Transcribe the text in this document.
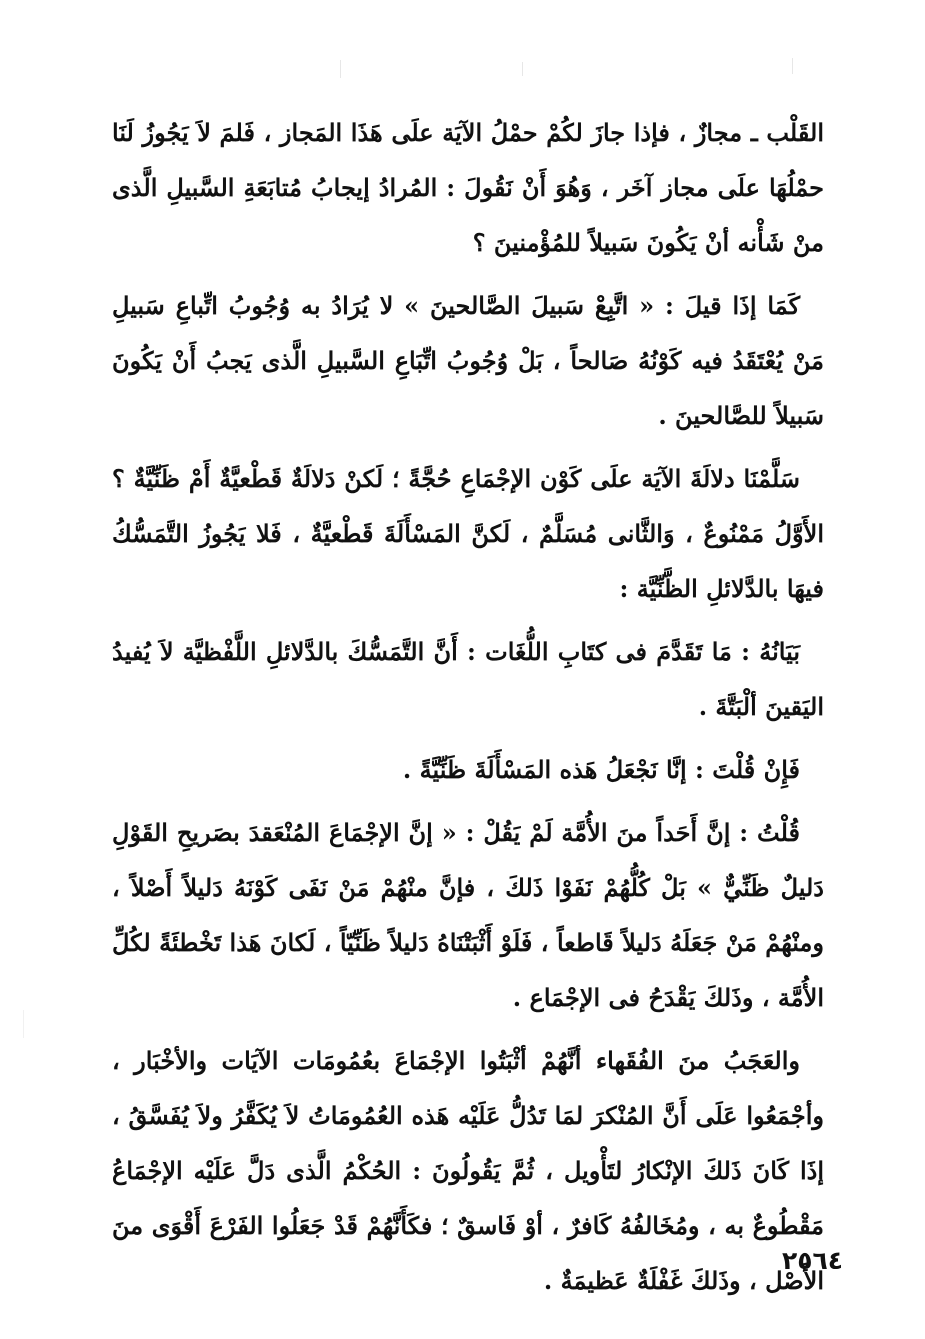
القَلْب ـ مجازٌ ، فإذا جازَ لكُمْ حمْلُ الآيَة علَى هَذَا المَجاز ، فَلمَ لاَ يَجُوزُ لَنَا حمْلُهَا علَى مجاز آخَر ، وَهُوَ أَنْ نَقُولَ : المُرادُ إيجابُ مُتابَعَةِ السَّبيلِ الَّذى منْ شَأْنه أنْ يَكُونَ سَبيلاً للمُؤْمنينَ ؟

كَمَا إذَا قيلَ : « اتَّبِعْ سَبيلَ الصَّالحينَ » لا يُرَادُ به وُجُوبُ اتِّباعِ سَبيلِ مَنْ يُعْتَقَدُ فيه كَوْنُهُ صَالحاً ، بَلْ وُجُوبُ اتِّبَاعِ السَّبيلِ الَّذى يَجبُ أَنْ يَكُونَ سَبيلاً للصَّالحينَ .

سَلَّمْنَا دلالَةَ الآيَة علَى كَوْن الإجْمَاعِ حُجَّةً ؛ لَكنْ دَلالَةٌ قَطْعيَّةٌ أَمْ ظَنِّيَّةٌ ؟ الأَوَّلُ مَمْنُوعٌ ، وَالثَّانى مُسَلَّمٌ ، لَكنَّ المَسْأَلَةَ قَطْعيَّةٌ ، فَلا يَجُوزُ التَّمَسُّكُ فيهَا بالدَّلائلِ الظَّنِّيَّة :

بَيَانُهُ : مَا تَقَدَّمَ فى كتَابِ اللُّغَات : أَنَّ التَّمَسُّكَ بالدَّلائلِ اللَّفْظيَّة لاَ يُفيدُ اليَقينَ ألْبَتَّةَ .

فَإِنْ قُلْتَ : إنَّا نَجْعَلُ هَذه المَسْأَلَةَ ظَنِّيَّةً .

قُلْتُ : إنَّ أَحَداً منَ الأُمَّة لَمْ يَقُلْ : « إنَّ الإجْمَاعَ المُنْعَقدَ بصَريحِ القَوْلِ دَليلٌ ظَنِّيٌّ » بَلْ كُلُّهُمْ نَفَوْا ذَلكَ ، فإنَّ منْهُمْ مَنْ نَفَى كَوْنَهُ دَليلاً أَصْلاً ، ومنْهُمْ مَنْ جَعَلَهُ دَليلاً قَاطعاً ، فَلَوْ أَثْبَتْنَاهُ دَليلاً ظَنِّيّاً ، لَكانَ هَذا تَخْطئَةً لكُلِّ الأُمَّة ، وذَلكَ يَقْدَحُ فى الإجْمَاع .

والعَجَبُ منَ الفُقَهاء أنَّهُمْ أثْبَتُوا الإجْمَاعَ بعُمُومَات الآيَات والأخْبَار ، وأجْمَعُوا عَلَى أَنَّ المُنْكرَ لمَا تَدُلُّ عَلَيْه هَذه العُمُومَاتُ لاَ يُكَفَّرُ ولاَ يُفَسَّقُ ، إذَا كَانَ ذَلكَ الإنْكارُ لتَأْويل ، ثُمَّ يَقُولُونَ : الحُكْمُ الَّذى دَلَّ عَلَيْه الإجْمَاعُ مَقْطُوعٌ به ، ومُخَالفُهُ كَافرٌ ، أوْ فَاسقٌ ؛ فكَأَنَّهُمْ قَدْ جَعَلُوا الفَرْعَ أَقْوَى منَ الأَصْل ، وذَلكَ غَفْلَةٌ عَظيمَةٌ .

٢٥٦٤
